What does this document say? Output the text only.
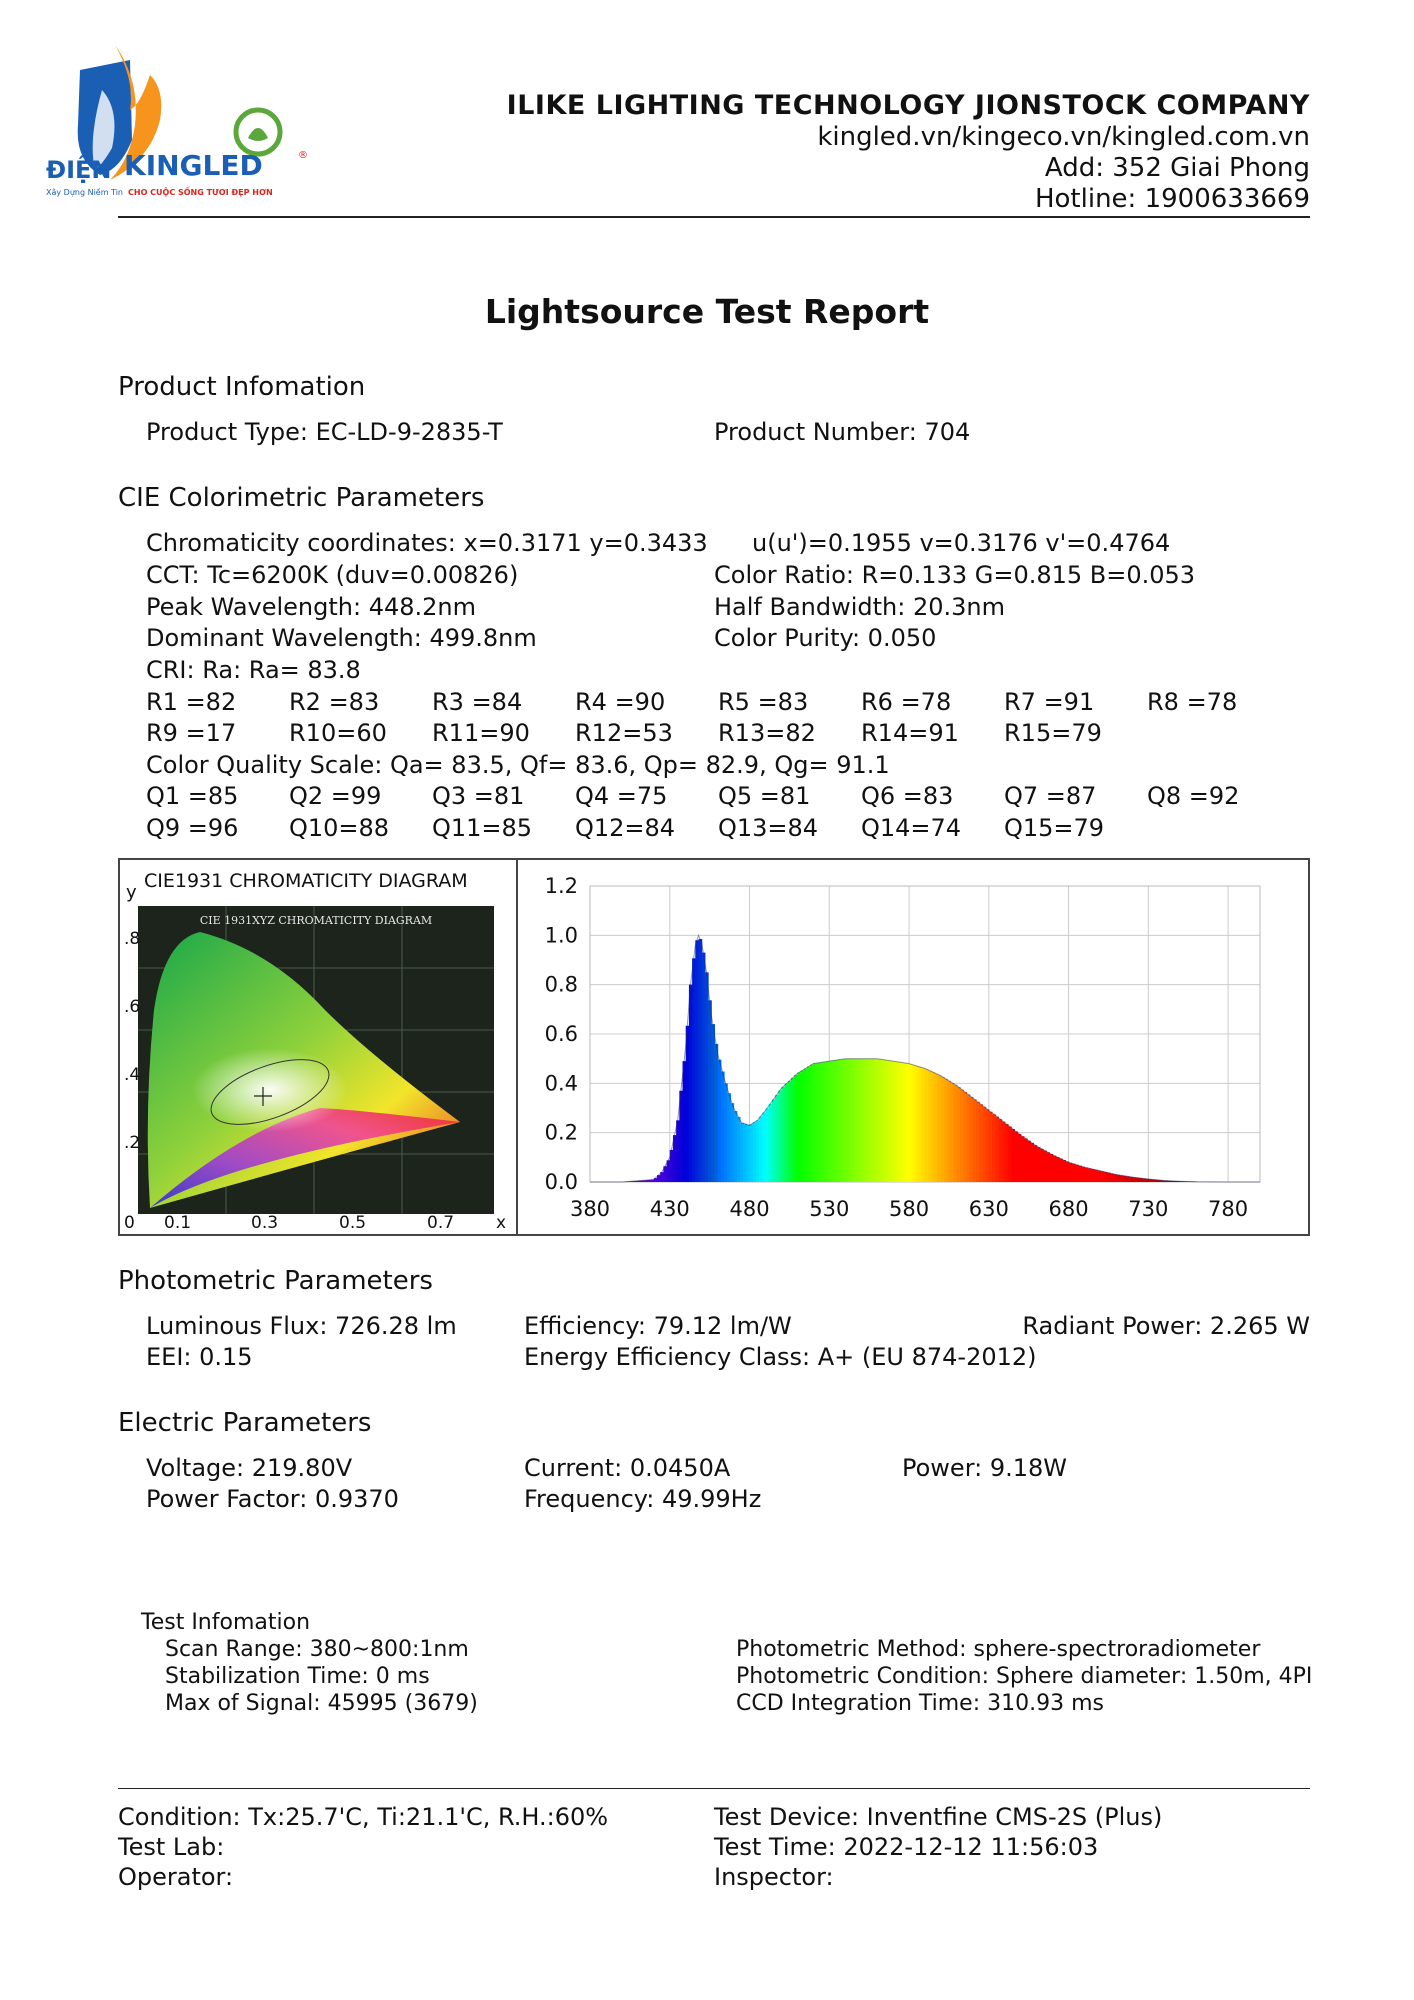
ĐIỆN KINGLED	®
Xây Dựng Niềm Tin CHO CUỘC SỐNG TƯƠI ĐẸP HƠN
ILIKE LIGHTING TECHNOLOGY JIONSTOCK COMPANY
kingled.vn/kingeco.vn/kingled.com.vn
Add: 352 Giai Phong
Hotline: 1900633669
Lightsource Test Report
Product Infomation
Product Type: EC-LD-9-2835-T	Product Number: 704
CIE Colorimetric Parameters
Chromaticity coordinates: x=0.3171 y=0.3433 u(u')=0.1955 v=0.3176 v'=0.4764
CCT: Tc=6200K (duv=0.00826)	Color Ratio: R=0.133 G=0.815 B=0.053
Peak Wavelength: 448.2nm	Half Bandwidth: 20.3nm
Dominant Wavelength: 499.8nm	Color Purity: 0.050
CRI: Ra: Ra= 83.8
R1 =82 R2 =83 R3 =84 R4 =90 R5 =83 R6 =78 R7 =91 R8 =78
R9 =17 R10=60 R11=90 R12=53 R13=82 R14=91 R15=79
Color Quality Scale: Qa= 83.5, Qf= 83.6, Qp= 82.9, Qg= 91.1
Q1 =85 Q2 =99 Q3 =81 Q4 =75 Q5 =81 Q6 =83 Q7 =87 Q8 =92
Q9 =96 Q10=88 Q11=85 Q12=84 Q13=84 Q14=74 Q15=79
CIE1931 CHROMATICITY DIAGRAM
CIE 1931XYZ CHROMATICITY DIAGRAM
y
.8
.6
.4
.2
0 0.1	0.3	0.5	0.7 x
0.0
0.2
0.4
0.6
0.8
1.0
1.2
380 430 480 530 580 630 680 730 780
Photometric Parameters
Luminous Flux: 726.28 lm	Efficiency: 79.12 lm/W	Radiant Power: 2.265 W
EEI: 0.15	Energy Efficiency Class: A+ (EU 874-2012)
Electric Parameters
Voltage: 219.80V	Current: 0.0450A	Power: 9.18W
Power Factor: 0.9370	Frequency: 49.99Hz
Test Infomation
Scan Range: 380~800:1nm
Stabilization Time: 0 ms
Max of Signal: 45995 (3679)
Photometric Method: sphere-spectroradiometer
Photometric Condition: Sphere diameter: 1.50m, 4PI
CCD Integration Time: 310.93 ms
Condition: Tx:25.7'C, Ti:21.1'C, R.H.:60%
Test Lab:
Operator:
Test Device: Inventfine CMS-2S (Plus)
Test Time: 2022-12-12 11:56:03
Inspector:
